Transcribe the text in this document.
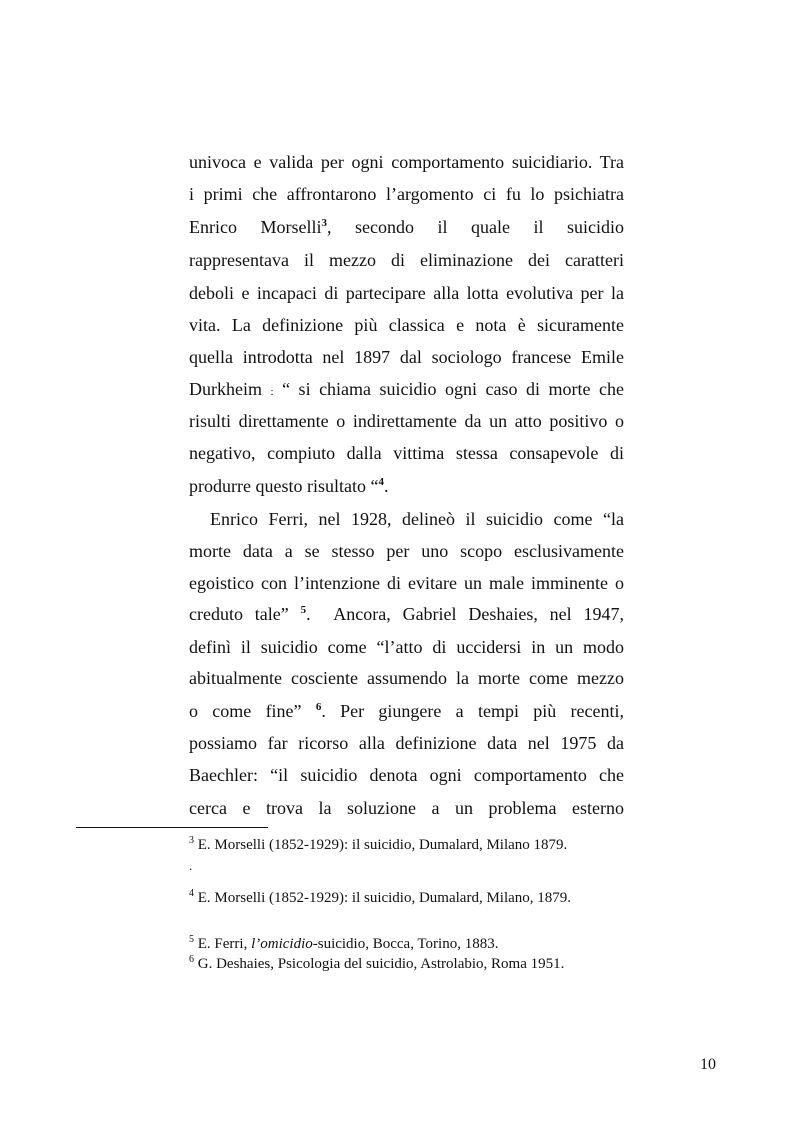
univoca e valida per ogni comportamento suicidiario. Tra
i primi che affrontarono l’argomento ci fu lo psichiatra
Enrico Morselli$^3$, secondo il quale il suicidio
rappresentava il mezzo di eliminazione dei caratteri
deboli e incapaci di partecipare alla lotta evolutiva per la
vita. La definizione più classica e nota è sicuramente
quella introdotta nel 1897 dal sociologo francese Emile
Durkheim : “ si chiama suicidio ogni caso di morte che
risulti direttamente o indirettamente da un atto positivo o
negativo, compiuto dalla vittima stessa consapevole di
produrre questo risultato “$^4$.
Enrico Ferri, nel 1928, delineò il suicidio come “la
morte data a se stesso per uno scopo esclusivamente
egoistico con l’intenzione di evitare un male imminente o
creduto tale” $^5$.  Ancora, Gabriel Deshaies, nel 1947,
definì il suicidio come “l’atto di uccidersi in un modo
abitualmente cosciente assumendo la morte come mezzo
o come fine” $^6$. Per giungere a tempi più recenti,
possiamo far ricorso alla definizione data nel 1975 da
Baechler: “il suicidio denota ogni comportamento che
cerca e trova la soluzione a un problema esterno
$^3$ E. Morselli (1852-1929): il suicidio, Dumalard, Milano 1879.
.
$^4$ E. Morselli (1852-1929): il suicidio, Dumalard, Milano, 1879.
$^5$ E. Ferri, l’omicidio-suicidio, Bocca, Torino, 1883.
$^6$ G. Deshaies, Psicologia del suicidio, Astrolabio, Roma 1951.
10
